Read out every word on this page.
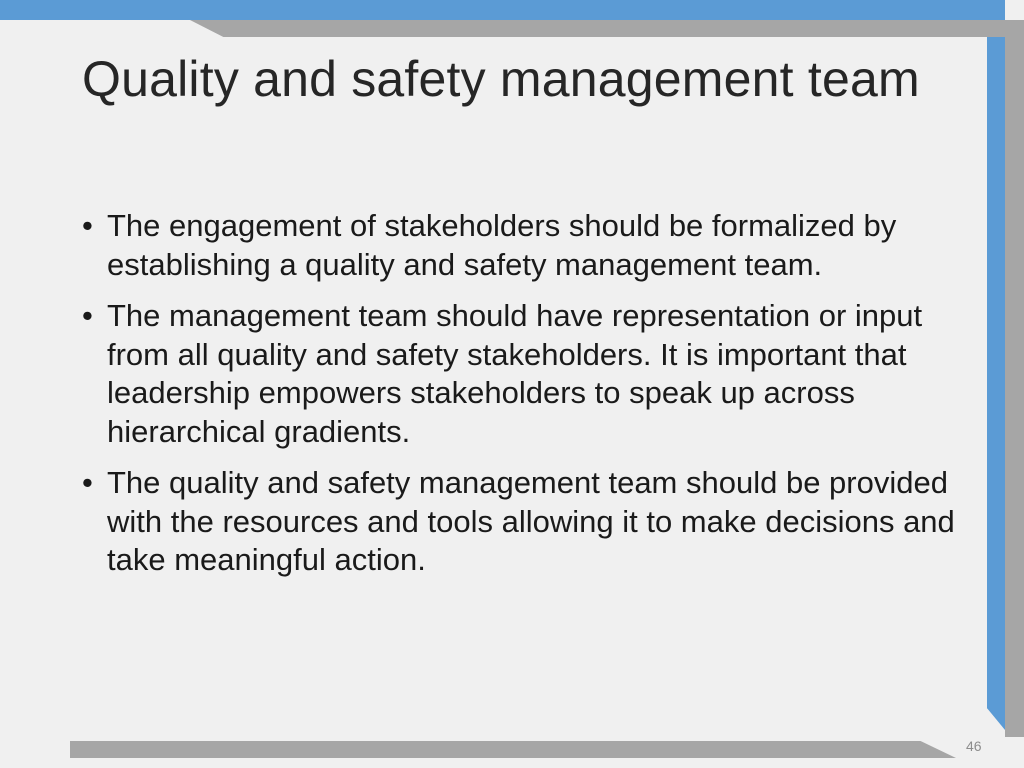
Quality and safety management team
• The engagement of stakeholders should be formalized by establishing a quality and safety management team.
• The management team should have representation or input from all quality and safety stakeholders. It is important that leadership empowers stakeholders to speak up across hierarchical gradients.
• The quality and safety management team should be provided with the resources and tools allowing it to make decisions and take meaningful action.
46
